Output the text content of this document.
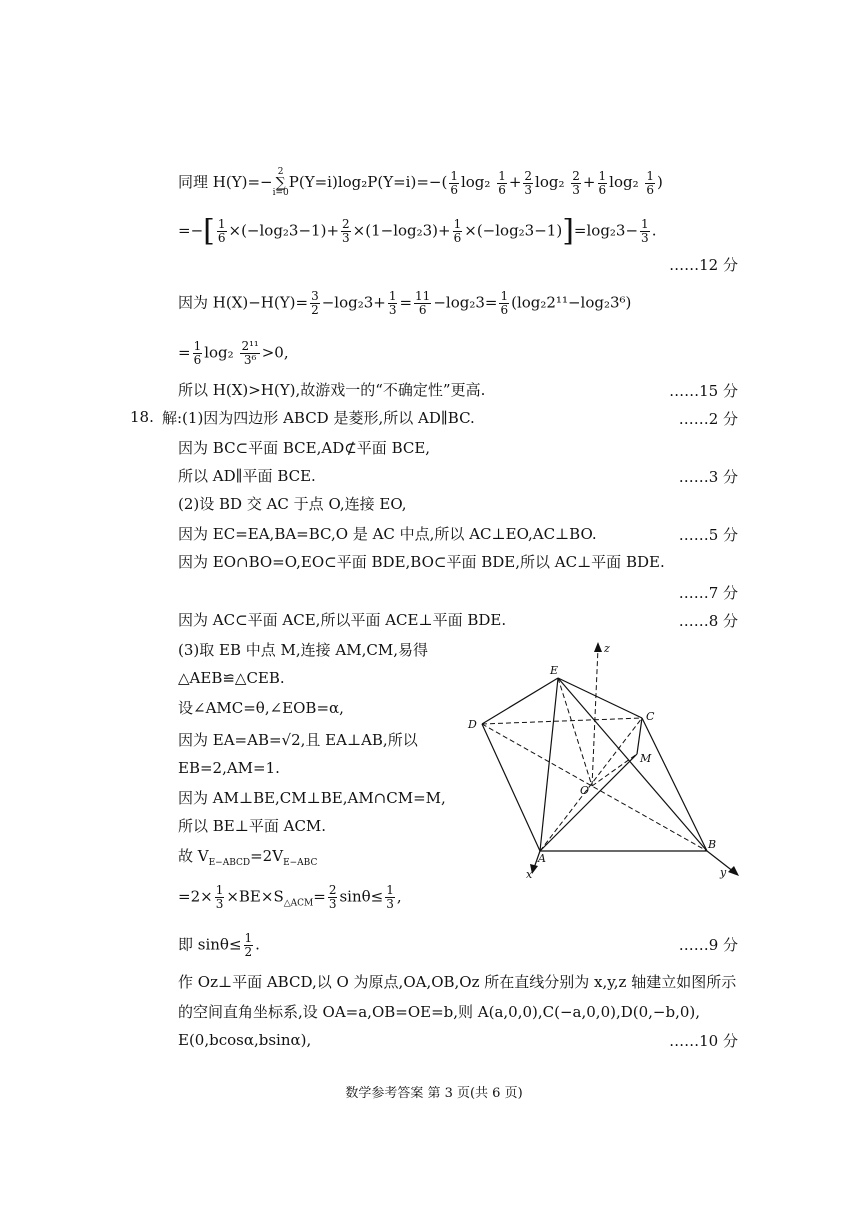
同理 H(Y)=−
2
∑
i=0
$P(Y=i)\log_2P(Y=i)=-( \frac{1}{6} \log_2 \frac{1}{6} + \frac{2}{3} \log_2 \frac{2}{3} + \frac{1}{6} \log_2 \frac{1}{6}$ )
=−[ $\frac{1}{6} \times(-\log_23-1)+ \frac{2}{3} \times(1-\log_23)+ \frac{1}{6} \times(-\log_23-1)]=\log_23- \frac{1}{3}$ .
……12 分
因为 $H(X)-H(Y)= \frac{3}{2} -\log_23+ \frac{1}{3} = \frac{11}{6} -\log_23= \frac{1}{6} (\log_22^{11}-\log_23^6)$
= $\frac{1}{6} \log_2 \frac{\text{2¹¹}}{\text{3⁶}} >0$,
所以 H(X)>H(Y),故游戏一的“不确定性”更高.	……15 分
18. 解:(1)因为四边形 ABCD 是菱形,所以 AD∥BC.	……2 分
因为 BC⊂平面 BCE,AD⊄平面 BCE,
所以 AD∥平面 BCE.	……3 分
(2)设 BD 交 AC 于点 O,连接 EO,
因为 EC=EA,BA=BC,O 是 AC 中点,所以 AC⊥EO,AC⊥BO.	……5 分
因为 EO∩BO=O,EO⊂平面 BDE,BO⊂平面 BDE,所以 AC⊥平面 BDE.
……7 分
因为 AC⊂平面 ACE,所以平面 ACE⊥平面 BDE.	……8 分
(3)取 EB 中点 M,连接 AM,CM,易得
△AEB≌△CEB.
设∠AMC=θ,∠EOB=α,
因为 EA=AB=√2,且 EA⊥AB,所以
EB=2,AM=1.
因为 AM⊥BE,CM⊥BE,AM∩CM=M,
所以 BE⊥平面 ACM.
故 $V_{E-ABCD}=2V_{E-ABC}$
$=2\times \frac{1}{3} \times BE\times S_{\triangle ACM}= \frac{2}{3} \sin\theta\le \frac{1}{3}$ ,
即 $\sin\theta\le \frac{1}{2}$ .	……9 分
作 Oz⊥平面 ABCD,以 O 为原点,OA,OB,Oz 所在直线分别为 x,y,z 轴建立如图所示
的空间直角坐标系,设 OA=a,OB=OE=b,则 A(a,0,0),C(−a,0,0),D(0,−b,0),
E(0,bcosα,bsinα),	……10 分
E
D
C
M
O
A
B
x	y
z
数学参考答案 第 3 页(共 6 页)
